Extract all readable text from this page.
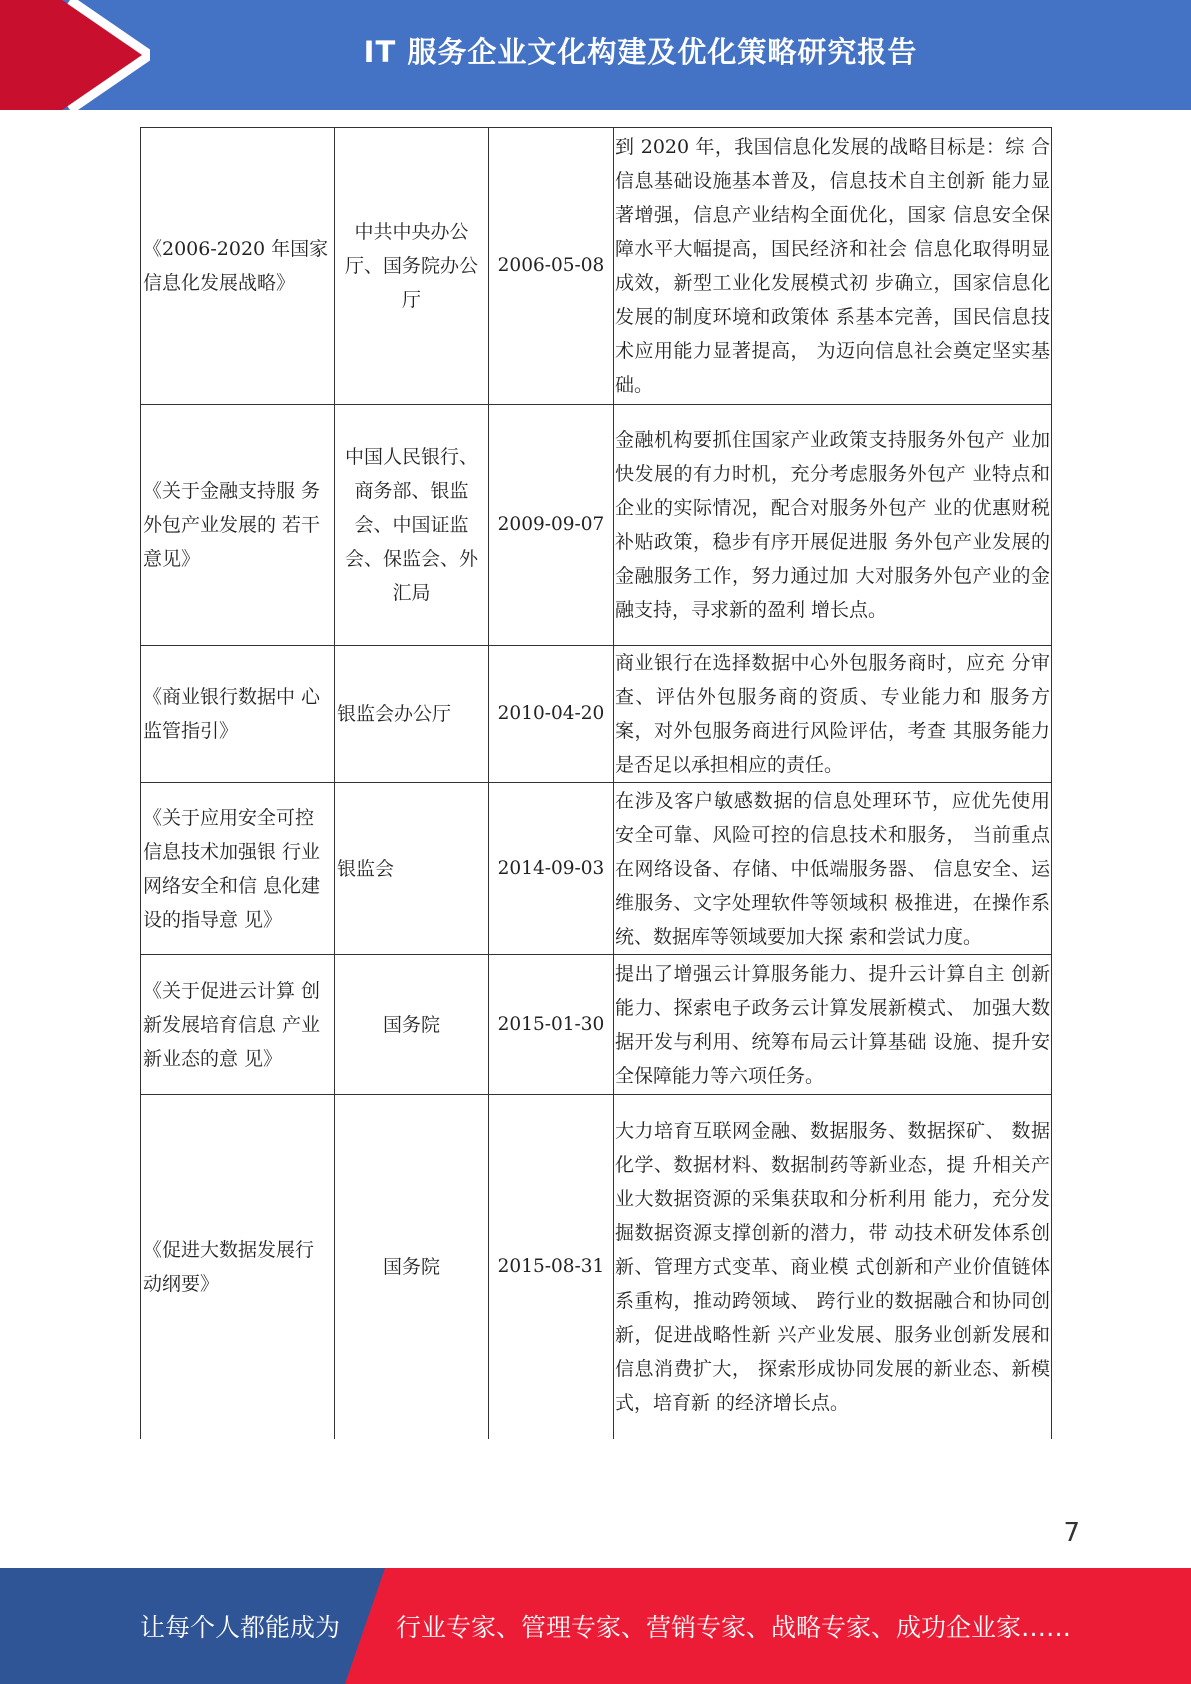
IT 服务企业文化构建及优化策略研究报告
《2006-2020 年国家信息化发展战略》	中共中央办公厅、国务院办公厅	2006-05-08	到 2020 年，我国信息化发展的战略目标是：综 合信息基础设施基本普及，信息技术自主创新 能力显著增强，信息产业结构全面优化，国家 信息安全保障水平大幅提高，国民经济和社会 信息化取得明显成效，新型工业化发展模式初 步确立，国家信息化发展的制度环境和政策体 系基本完善，国民信息技术应用能力显著提高， 为迈向信息社会奠定坚实基础。
《关于金融支持服 务外包产业发展的 若干意见》	中国人民银行、商务部、银监会、中国证监会、保监会、外汇局	2009-09-07	金融机构要抓住国家产业政策支持服务外包产 业加快发展的有力时机，充分考虑服务外包产 业特点和企业的实际情况，配合对服务外包产 业的优惠财税补贴政策，稳步有序开展促进服 务外包产业发展的金融服务工作，努力通过加 大对服务外包产业的金融支持，寻求新的盈利 增长点。
《商业银行数据中 心监管指引》	银监会办公厅	2010-04-20	商业银行在选择数据中心外包服务商时，应充 分审查、评估外包服务商的资质、专业能力和 服务方案，对外包服务商进行风险评估，考查 其服务能力是否足以承担相应的责任。
《关于应用安全可控信息技术加强银 行业网络安全和信 息化建设的指导意 见》	银监会	2014-09-03	在涉及客户敏感数据的信息处理环节，应优先使用安全可靠、风险可控的信息技术和服务， 当前重点在网络设备、存储、中低端服务器、 信息安全、运维服务、文字处理软件等领域积 极推进，在操作系统、数据库等领域要加大探 索和尝试力度。
《关于促进云计算 创新发展培育信息 产业新业态的意 见》	国务院	2015-01-30	提出了增强云计算服务能力、提升云计算自主 创新能力、探索电子政务云计算发展新模式、 加强大数据开发与利用、统筹布局云计算基础 设施、提升安全保障能力等六项任务。
《促进大数据发展行动纲要》	国务院	2015-08-31	大力培育互联网金融、数据服务、数据探矿、 数据化学、数据材料、数据制药等新业态，提 升相关产业大数据资源的采集获取和分析利用 能力，充分发掘数据资源支撑创新的潜力，带 动技术研发体系创新、管理方式变革、商业模 式创新和产业价值链体系重构，推动跨领域、 跨行业的数据融合和协同创新，促进战略性新 兴产业发展、服务业创新发展和信息消费扩大， 探索形成协同发展的新业态、新模式，培育新 的经济增长点。
7
让每个人都能成为 行业专家、管理专家、营销专家、战略专家、成功企业家……
